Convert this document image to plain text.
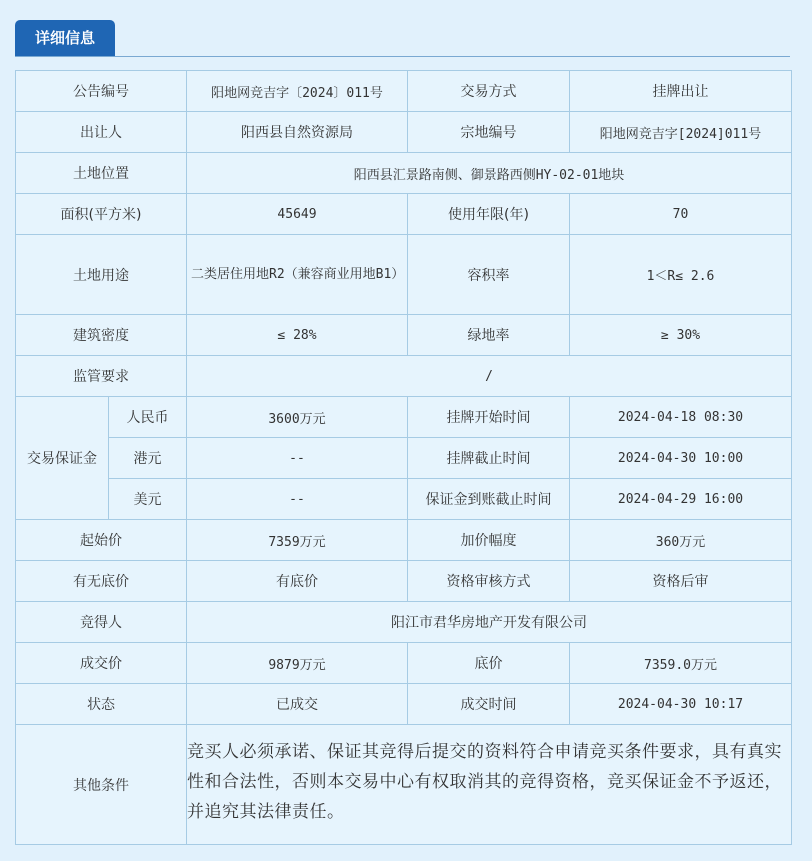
详细信息
公告编号		阳地网竞吉字〔2024〕011号	交易方式	挂牌出让
出让人		阳西县自然资源局	宗地编号	阳地网竞吉字[2024]011号
土地位置		阳西县汇景路南侧、御景路西侧HY-02-01地块		
面积(平方米)		45649	使用年限(年)	70
土地用途		二类居住用地R2（兼容商业用地B1）	容积率	1＜R≤ 2.6
建筑密度		≤ 28%	绿地率	≥ 30%
监管要求		/		
交易保证金	人民币	3600万元	挂牌开始时间	2024-04-18 08:30
	港元	--	挂牌截止时间	2024-04-30 10:00
	美元	--	保证金到账截止时间	2024-04-29 16:00
起始价		7359万元	加价幅度	360万元
有无底价		有底价	资格审核方式	资格后审
竞得人		阳江市君华房地产开发有限公司		
成交价		9879万元	底价	7359.0万元
状态		已成交	成交时间	2024-04-30 10:17
其他条件		竞买人必须承诺、保证其竞得后提交的资料符合申请竞买条件要求，具有真实性和合法性，否则本交易中心有权取消其的竞得资格，竞买保证金不予返还，并追究其法律责任。		
